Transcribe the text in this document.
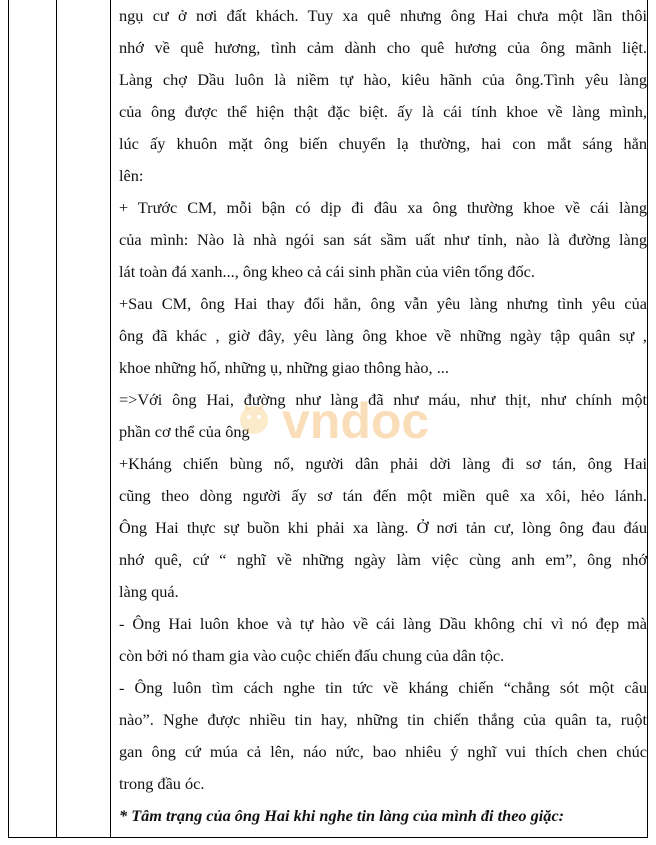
ngụ cư ở nơi đất khách. Tuy xa quê nhưng ông Hai chưa một lần thôi
nhớ về quê hương, tình cảm dành cho quê hương của ông mãnh liệt.
Làng chợ Dầu luôn là niềm tự hào, kiêu hãnh của ông.Tình yêu làng
của ông được thể hiện thật đặc biệt. ấy là cái tính khoe về làng mình,
lúc ấy khuôn mặt ông biến chuyển lạ thường, hai con mắt sáng hẳn
lên:
+ Trước CM, mỗi bận có dịp đi đâu xa ông thường khoe về cái làng
của mình: Nào là nhà ngói san sát sầm uất như tỉnh, nào là đường làng
lát toàn đá xanh..., ông kheo cả cái sinh phần của viên tổng đốc.
+Sau CM, ông Hai thay đổi hẳn, ông vẫn yêu làng nhưng tình yêu của
ông đã khác , giờ đây, yêu làng ông khoe về những ngày tập quân sự ,
khoe những hố, những ụ, những giao thông hào, ...
=>Với ông Hai, đường như làng đã như máu, như thịt, như chính một
phần cơ thể của ông
+Kháng chiến bùng nổ, người dân phải dời làng đi sơ tán, ông Hai
cũng theo dòng người ấy sơ tán đến một miền quê xa xôi, hẻo lánh.
Ông Hai thực sự buồn khi phải xa làng. Ở nơi tản cư, lòng ông đau đáu
nhớ quê, cứ “ nghĩ về những ngày làm việc cùng anh em”, ông nhớ
làng quá.
- Ông Hai luôn khoe và tự hào về cái làng Dầu không chỉ vì nó đẹp mà
còn bởi nó tham gia vào cuộc chiến đấu chung của dân tộc.
- Ông luôn tìm cách nghe tin tức về kháng chiến “chẳng sót một câu
nào”. Nghe được nhiều tin hay, những tin chiến thắng của quân ta, ruột
gan ông cứ múa cả lên, náo nức, bao nhiêu ý nghĩ vui thích chen chúc
trong đầu óc.
* Tâm trạng của ông Hai khi nghe tin làng của mình đi theo giặc:
vndoc
